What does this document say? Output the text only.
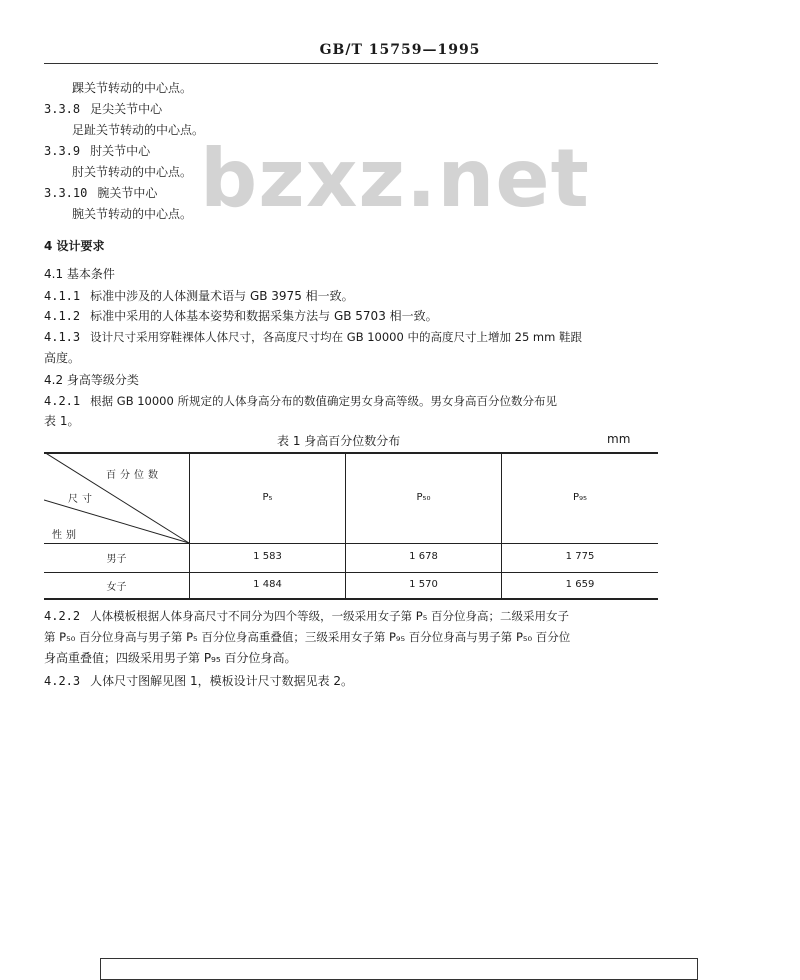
GB/T 15759—1995
bzxz.net
踝关节转动的中心点。
3.3.8 足尖关节中心
足趾关节转动的中心点。
3.3.9 肘关节中心
肘关节转动的中心点。
3.3.10 腕关节中心
腕关节转动的中心点。
4 设计要求
4.1 基本条件
4.1.1 标准中涉及的人体测量术语与 GB 3975 相一致。
4.1.2 标准中采用的人体基本姿势和数据采集方法与 GB 5703 相一致。
4.1.3 设计尺寸采用穿鞋裸体人体尺寸，各高度尺寸均在 GB 10000 中的高度尺寸上增加 25 mm 鞋跟
高度。
4.2 身高等级分类
4.2.1 根据 GB 10000 所规定的人体身高分布的数值确定男女身高等级。男女身高百分位数分布见
表 1。
表 1 身高百分位数分布	mm
百分位数
尺寸
性别
P₅	P₅₀	P₉₅
男子	1 583	1 678	1 775
女子	1 484	1 570	1 659
4.2.2 人体模板根据人体身高尺寸不同分为四个等级，一级采用女子第 P₅ 百分位身高；二级采用女子
第 P₅₀ 百分位身高与男子第 P₅ 百分位身高重叠值；三级采用女子第 P₉₅ 百分位身高与男子第 P₅₀ 百分位
身高重叠值；四级采用男子第 P₉₅ 百分位身高。
4.2.3 人体尺寸图解见图 1，模板设计尺寸数据见表 2。
